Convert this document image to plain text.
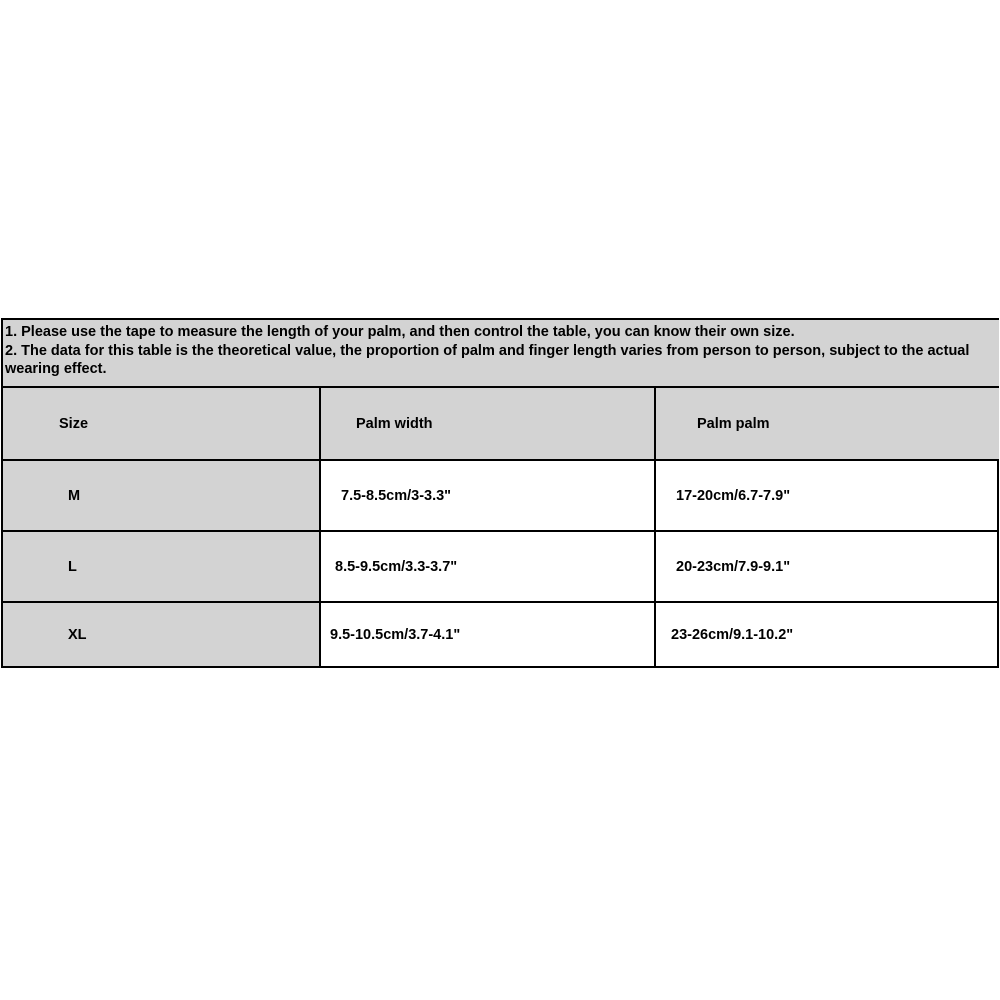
1. Please use the tape to measure the length of your palm, and then control the table, you can know their own size.

2. The data for this table is the theoretical value, the proportion of palm and finger length varies from person to person, subject to the actual wearing effect.

Size	Palm width	Palm palm
M	7.5-8.5cm/3-3.3"	17-20cm/6.7-7.9"
L	8.5-9.5cm/3.3-3.7"	20-23cm/7.9-9.1"
XL	9.5-10.5cm/3.7-4.1"	23-26cm/9.1-10.2"
